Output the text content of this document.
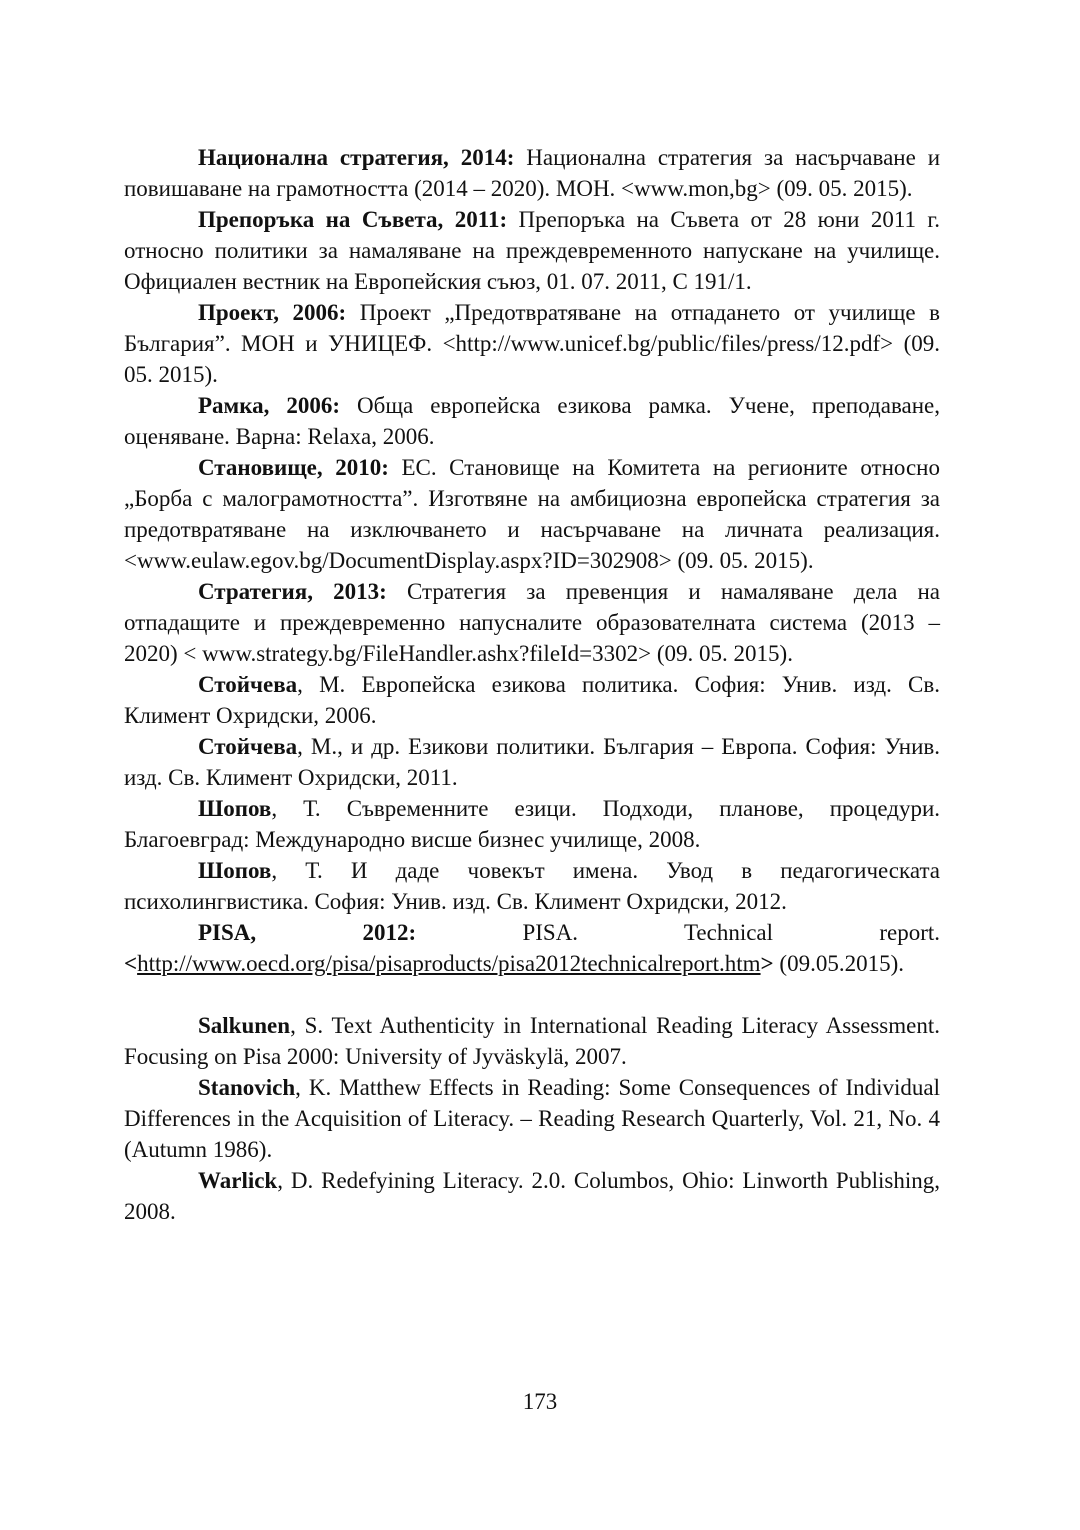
Национална стратегия, 2014: Национална стратегия за насърчаване и повишаване на грамотността (2014 – 2020). МОН. <www.mon,bg> (09. 05. 2015).

Препоръка на Съвета, 2011: Препоръка на Съвета от 28 юни 2011 г. относно политики за намаляване на преждевременното напускане на училище. Официален вестник на Европейския съюз, 01. 07. 2011, C 191/1.

Проект, 2006: Проект „Предотвратяване на отпадането от училище в България”. МОН и УНИЦЕФ. <http://www.unicef.bg/public/files/press/12.pdf> (09. 05. 2015).

Рамка, 2006: Обща европейска езикова рамка. Учене, преподаване, оценяване. Варна: Relaxa, 2006.

Становище, 2010: ЕС. Становище на Комитета на регионите относно „Борба с малограмотността”. Изготвяне на амбициозна европейска стратегия за предотвратяване на изключването и насърчаване на личната реализация. <www.eulaw.egov.bg/DocumentDisplay.aspx?ID=302908> (09. 05. 2015).

Стратегия, 2013: Стратегия за превенция и намаляване дела на отпадащите и преждевременно напусналите образователната система (2013 – 2020) < www.strategy.bg/FileHandler.ashx?fileId=3302> (09. 05. 2015).

Стойчева, М. Европейска езикова политика. София: Унив. изд. Св. Климент Охридски, 2006.

Стойчева, М., и др. Езикови политики. България – Европа. София: Унив. изд. Св. Климент Охридски, 2011.

Шопов, Т. Съвременните езици. Подходи, планове, процедури. Благоевград: Международно висше бизнес училище, 2008.

Шопов, Т. И даде човекът имена. Увод в педагогическата психолингвистика. София: Унив. изд. Св. Климент Охридски, 2012.

PISA, 2012: PISA. Technical report. <http://www.oecd.org/pisa/pisaproducts/pisa2012technicalreport.htm> (09.05.2015).

Salkunen, S. Text Authenticity in International Reading Literacy Assessment. Focusing on Pisa 2000: University of Jyväskylä, 2007.

Stanovich, K. Matthew Effects in Reading: Some Consequences of Individual Differences in the Acquisition of Literacy. – Reading Research Quarterly, Vol. 21, No. 4 (Autumn 1986).

Warlick, D. Redefyining Literacy. 2.0. Columbos, Ohio: Linworth Publishing, 2008.

173
